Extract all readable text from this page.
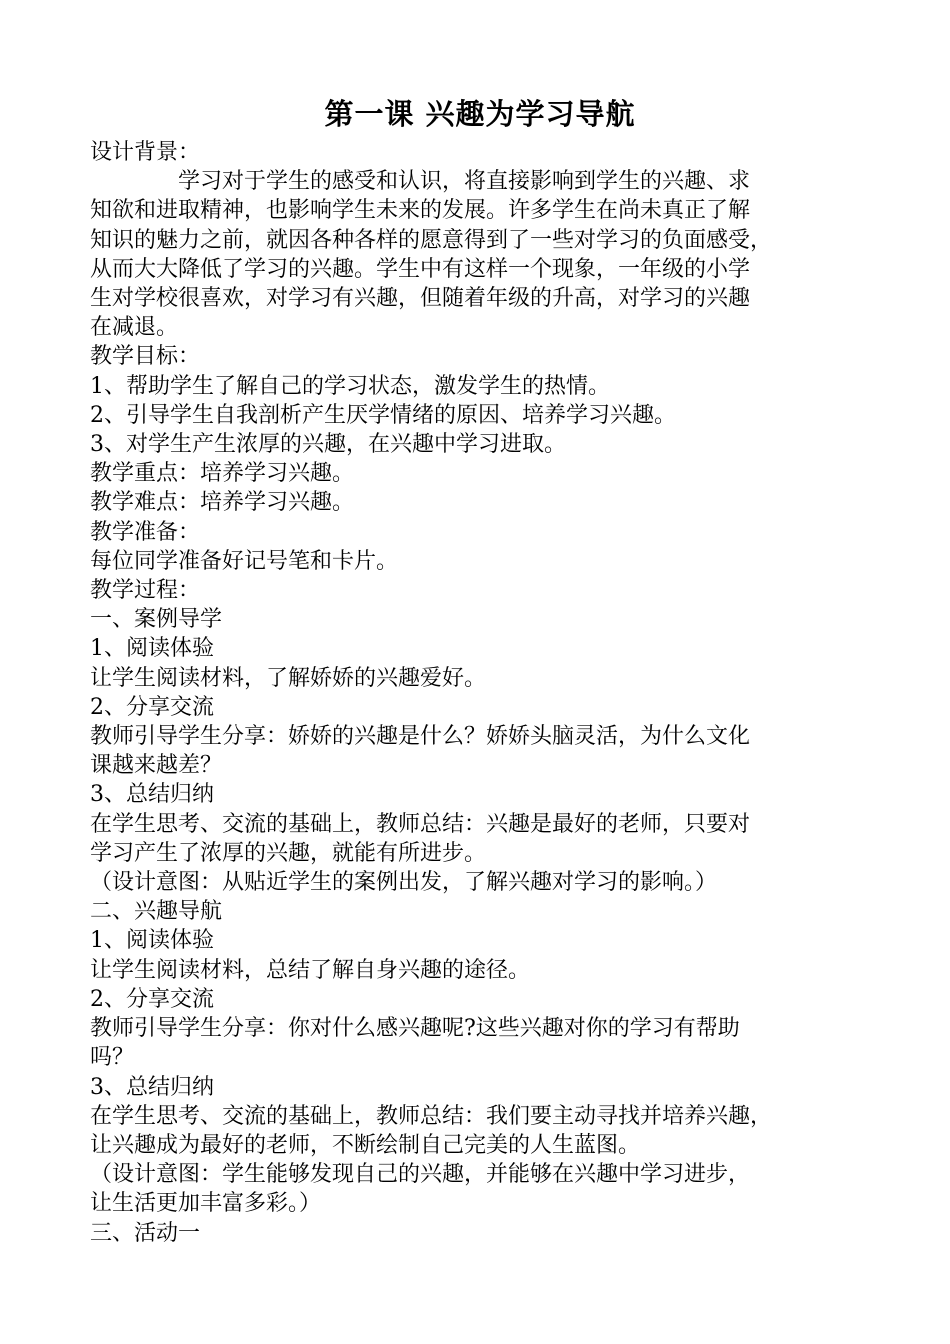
第一课 兴趣为学习导航

设计背景：

学习对于学生的感受和认识，将直接影响到学生的兴趣、求

知欲和进取精神，也影响学生未来的发展。许多学生在尚未真正了解

知识的魅力之前，就因各种各样的愿意得到了一些对学习的负面感受，

从而大大降低了学习的兴趣。学生中有这样一个现象，一年级的小学

生对学校很喜欢，对学习有兴趣，但随着年级的升高，对学习的兴趣

在减退。

教学目标：

1、帮助学生了解自己的学习状态，激发学生的热情。

2、引导学生自我剖析产生厌学情绪的原因、培养学习兴趣。

3、对学生产生浓厚的兴趣，在兴趣中学习进取。

教学重点：培养学习兴趣。

教学难点：培养学习兴趣。

教学准备：

每位同学准备好记号笔和卡片。

教学过程：

一、案例导学

1、阅读体验

让学生阅读材料，了解娇娇的兴趣爱好。

2、分享交流

教师引导学生分享：娇娇的兴趣是什么？娇娇头脑灵活，为什么文化

课越来越差？

3、总结归纳

在学生思考、交流的基础上，教师总结：兴趣是最好的老师，只要对

学习产生了浓厚的兴趣，就能有所进步。

（设计意图：从贴近学生的案例出发，了解兴趣对学习的影响。）

二、兴趣导航

1、阅读体验

让学生阅读材料，总结了解自身兴趣的途径。

2、分享交流

教师引导学生分享：你对什么感兴趣呢?这些兴趣对你的学习有帮助

吗？

3、总结归纳

在学生思考、交流的基础上，教师总结：我们要主动寻找并培养兴趣，

让兴趣成为最好的老师，不断绘制自己完美的人生蓝图。

（设计意图：学生能够发现自己的兴趣，并能够在兴趣中学习进步，

让生活更加丰富多彩。）

三、活动一
